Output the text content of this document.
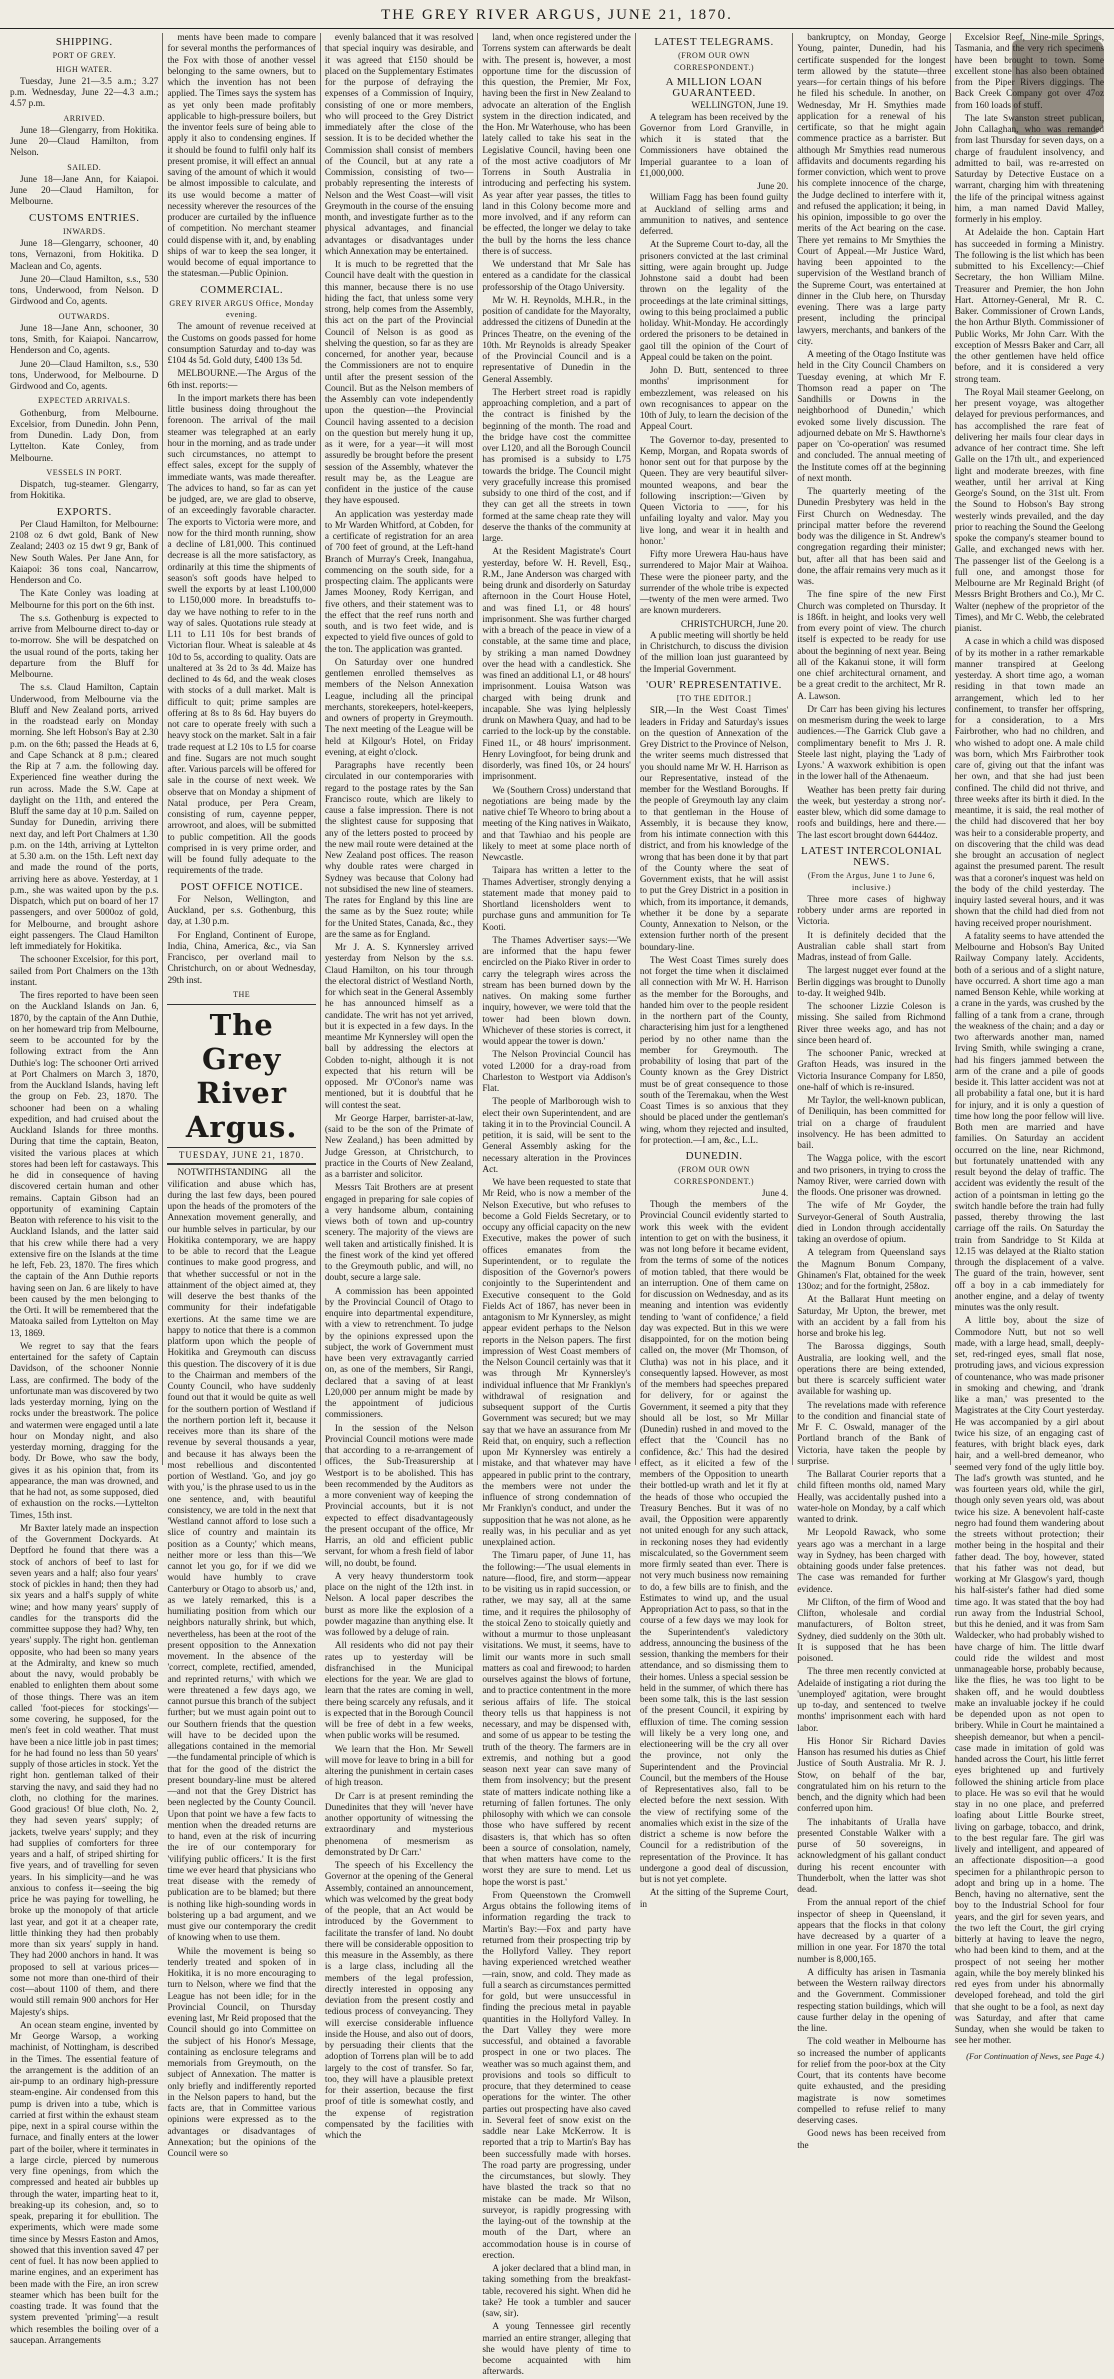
THE GREY RIVER ARGUS, JUNE 21, 1870.
SHIPPING.
PORT OF GREY.
HIGH WATER.
Tuesday, June 21—3.5 a.m.; 3.27 p.m. Wednesday, June 22—4.3 a.m.; 4.57 p.m.
ARRIVED.
June 18—Glengarry, from Hokitika. June 20—Claud Hamilton, from Nelson.
SAILED.
June 18—Jane Ann, for Kaiapoi. June 20—Claud Hamilton, for Melbourne.
CUSTOMS ENTRIES.
INWARDS.
June 18—Glengarry, schooner, 40 tons, Vernazoni, from Hokitika. D Maclean and Co, agents.
June 20—Claud Hamilton, s.s., 530 tons, Underwood, from Nelson. D Girdwood and Co, agents.
OUTWARDS.
June 18—Jane Ann, schooner, 30 tons, Smith, for Kaiapoi. Nancarrow, Henderson and Co, agents.
June 20—Claud Hamilton, s.s., 530 tons, Underwood, for Melbourne. D Girdwood and Co, agents.
EXPECTED ARRIVALS.
Gothenburg, from Melbourne. Excelsior, from Dunedin. John Penn, from Dunedin. Lady Don, from Lyttelton. Kate Conley, from Melbourne.
VESSELS IN PORT.
Dispatch, tug-steamer. Glengarry, from Hokitika.
EXPORTS.
Per Claud Hamilton, for Melbourne: 2108 oz 6 dwt gold, Bank of New Zealand; 2403 oz 15 dwt 9 gr, Bank of New South Wales. Per Jane Ann, for Kaiapoi: 36 tons coal, Nancarrow, Henderson and Co.
The Kate Conley was loading at Melbourne for this port on the 6th inst.
The s.s. Gothenburg is expected to arrive from Melbourne direct to-day or to-morrow. She will be despatched on the usual round of the ports, taking her departure from the Bluff for Melbourne.
The s.s. Claud Hamilton, Captain Underwood, from Melbourne via the Bluff and New Zealand ports, arrived in the roadstead early on Monday morning. She left Hobson's Bay at 2.30 p.m. on the 6th; passed the Heads at 6, and Cape Schanck at 8 p.m.; cleared the Rip at 7 a.m. the following day. Experienced fine weather during the run across. Made the S.W. Cape at daylight on the 11th, and entered the Bluff the same day at 10 p.m. Sailed on Sunday for Dunedin, arriving there next day, and left Port Chalmers at 1.30 p.m. on the 14th, arriving at Lyttelton at 5.30 a.m. on the 15th. Left next day and made the round of the ports, arriving here as above. Yesterday, at 1 p.m., she was waited upon by the p.s. Dispatch, which put on board of her 17 passengers, and over 5000oz of gold, for Melbourne, and brought ashore eight passengers. The Claud Hamilton left immediately for Hokitika.
The schooner Excelsior, for this port, sailed from Port Chalmers on the 13th instant.
The fires reported to have been seen on the Auckland Islands on Jan. 6, 1870, by the captain of the Ann Duthie, on her homeward trip from Melbourne, seem to be accounted for by the following extract from the Ann Duthie's log: The schooner Orti arrived at Port Chalmers on March 3, 1870, from the Auckland Islands, having left the group on Feb. 23, 1870. The schooner had been on a whaling expedition, and had cruised about the Auckland Islands for three months. During that time the captain, Beaton, visited the various places at which stores had been left for castaways. This he did in consequence of having discovered certain human and other remains. Captain Gibson had an opportunity of examining Captain Beaton with reference to his visit to the Auckland Islands, and the latter said that his crew while there had a very extensive fire on the Islands at the time he left, Feb. 23, 1870. The fires which the captain of the Ann Duthie reports having seen on Jan. 6 are likely to have been caused by the men belonging to the Orti. It will be remembered that the Matoaka sailed from Lyttelton on May 13, 1869.
We regret to say that the fears entertained for the safety of Captain Davidson, of the schooner Nonnie Lass, are confirmed. The body of the unfortunate man was discovered by two lads yesterday morning, lying on the rocks under the breastwork. The police and watermen were engaged until a late hour on Monday night, and also yesterday morning, dragging for the body. Dr Bowe, who saw the body, gives it as his opinion that, from its appearance, the man was drowned, and that he had not, as some supposed, died of exhaustion on the rocks.—Lyttelton Times, 15th inst.
Mr Baxter lately made an inspection of the Government Dockyards. At Deptford he found that there was a stock of anchors of beef to last for seven years and a half; also four years' stock of pickles in hand; then they had six years and a half's supply of white wine; and how many years' supply of candles for the transports did the committee suppose they had? Why, ten years' supply. The right hon. gentleman opposite, who had been so many years at the Admiralty, and knew so much about the navy, would probably be enabled to enlighten them about some of those things. There was an item called 'foot-pieces for stockings'—some covering, he supposed, for the men's feet in cold weather. That must have been a nice little job in past times; for he had found no less than 50 years' supply of those articles in stock. Yet the right hon. gentleman talked of their starving the navy, and said they had no cloth, no clothing for the marines. Good gracious! Of blue cloth, No. 2, they had seven years' supply; of jackets, twelve years' supply; and they had supplies of comforters for three years and a half, of striped shirting for five years, and of travelling for seven years. In his simplicity—and he was anxious to confess it—seeing the big price he was paying for towelling, he broke up the monopoly of that article last year, and got it at a cheaper rate, little thinking they had then probably more than six years' supply in hand. They had 2000 anchors in hand. It was proposed to sell at various prices—some not more than one-third of their cost—about 1100 of them, and there would still remain 900 anchors for Her Majesty's ships.
An ocean steam engine, invented by Mr George Warsop, a working machinist, of Nottingham, is described in the Times. The essential feature of the arrangement is the addition of an air-pump to an ordinary high-pressure steam-engine. Air condensed from this pump is driven into a tube, which is carried at first within the exhaust steam pipe, next in a spiral course within the furnace, and finally enters at the lower part of the boiler, where it terminates in a large circle, pierced by numerous very fine openings, from which the compressed and heated air bubbles up through the water, imparting heat to it, breaking-up its cohesion, and, so to speak, preparing it for ebullition. The experiments, which were made some time since by Messrs Easton and Amos, showed that this invention saved 47 per cent of fuel. It has now been applied to marine engines, and an experiment has been made with the Fire, an iron screw steamer which has been built for the coasting trade. It was found that the system prevented 'priming'—a result which resembles the boiling over of a saucepan. Arrangements
ments have been made to compare for several months the performances of the Fox with those of another vessel belonging to the same owners, but to which the invention has not been applied. The Times says the system has as yet only been made profitably applicable to high-pressure boilers, but the inventor feels sure of being able to apply it also to condensing engines. If it should be found to fulfil only half its present promise, it will effect an annual saving of the amount of which it would be almost impossible to calculate, and its use would become a matter of necessity wherever the resources of the producer are curtailed by the influence of competition. No merchant steamer could dispense with it, and, by enabling ships of war to keep the sea longer, it would become of equal importance to the statesman.—Public Opinion.
COMMERCIAL.
GREY RIVER ARGUS Office, Monday evening.
The amount of revenue received at the Customs on goods passed for home consumption Saturday and to-day was £104 4s 5d. Gold duty, £400 13s 5d.
MELBOURNE.—The Argus of the 6th inst. reports:—
In the import markets there has been little business doing throughout the forenoon. The arrival of the mail steamer was telegraphed at an early hour in the morning, and as trade under such circumstances, no attempt to effect sales, except for the supply of immediate wants, was made thereafter. The advices to hand, so far as can yet be judged, are, we are glad to observe, of an exceedingly favorable character. The exports to Victoria were more, and now for the third month running, show a decline of L81,000. This continued decrease is all the more satisfactory, as ordinarily at this time the shipments of season's soft goods have helped to swell the exports by at least L100,000 to L150,000 more. In breadstuffs to-day we have nothing to refer to in the way of sales. Quotations rule steady at L11 to L11 10s for best brands of Victorian flour. Wheat is saleable at 4s 10d to 5s, according to quality. Oats are unaltered at 3s 2d to 3s 4d. Maize has declined to 4s 6d, and the weak closes with stocks of a dull market. Malt is difficult to quit; prime samples are offering at 8s to 8s 6d. Hay buyers do not care to operate freely with such a heavy stock on the market. Salt in a fair trade request at L2 10s to L5 for coarse and fine. Sugars are not much sought after. Various parcels will be offered for sale in the course of next week. We observe that on Monday a shipment of Natal produce, per Pera Cream, consisting of rum, cayenne pepper, arrowroot, and aloes, will be submitted to public competition. All the goods comprised in is very prime order, and will be found fully adequate to the requirements of the trade.
POST OFFICE NOTICE.
For Nelson, Wellington, and Auckland, per s.s. Gothenburg, this day, at 1.30 p.m.
For England, Continent of Europe, India, China, America, &c., via San Francisco, per overland mail to Christchurch, on or about Wednesday, 29th inst.
THE
The Grey River Argus.
TUESDAY, JUNE 21, 1870.
NOTWITHSTANDING all the vilification and abuse which has, during the last few days, been poured upon the heads of the promoters of the Annexation movement generally, and our humble selves in particular, by our Hokitika contemporary, we are happy to be able to record that the League continues to make good progress, and that whether successful or not in the attainment of the object aimed at, they will deserve the best thanks of the community for their indefatigable exertions. At the same time we are happy to notice that there is a common platform upon which the people of Hokitika and Greymouth can discuss this question. The discovery of it is due to the Chairman and members of the County Council, who have suddenly found out that it would be quite as well for the southern portion of Westland if the northern portion left it, because it receives more than its share of the revenue by several thousands a year, and because it has always been the most rebellious and discontented portion of Westland. 'Go, and joy go with you,' is the phrase used to us in the one sentence, and, with beautiful consistency, we are told in the next that 'Westland cannot afford to lose such a slice of country and maintain its position as a County;' which means, neither more or less than this—'We cannot let you go, for if we did we would have humbly to crave Canterbury or Otago to absorb us,' and, as we lately remarked, this is a humiliating position from which our neighbors naturally shrink, but which, nevertheless, has been at the root of the present opposition to the Annexation movement. In the absence of the 'correct, complete, rectified, amended, and reprinted returns,' with which we were threatened a few days ago, we cannot pursue this branch of the subject further; but we must again point out to our Southern friends that the question will have to be decided upon the allegations contained in the memorial—the fundamental principle of which is that for the good of the district the present boundary-line must be altered—and not that the Grey District has been neglected by the County Council. Upon that point we have a few facts to mention when the dreaded returns are to hand, even at the risk of incurring the ire of our contemporary for 'vilifying public officers.' It is the first time we ever heard that physicians who treat disease with the remedy of publication are to be blamed; but there is nothing like high-sounding words in bolstering up a bad argument, and we must give our contemporary the credit of knowing when to use them.
While the movement is being so tenderly treated and spoken of in Hokitika, it is no more encouraging to turn to Nelson, where we find that the League has not been idle; for in the Provincial Council, on Thursday evening last, Mr Reid proposed that the Council should go into Committee on the subject of his Honor's Message, containing as enclosure telegrams and memorials from Greymouth, on the subject of Annexation. The matter is only briefly and indifferently reported in the Nelson papers to hand, but the facts are, that in Committee various opinions were expressed as to the advantages or disadvantages of Annexation; but the opinions of the Council were so
evenly balanced that it was resolved that special inquiry was desirable, and it was agreed that £150 should be placed on the Supplementary Estimates for the purpose of defraying the expenses of a Commission of Inquiry, consisting of one or more members, who will proceed to the Grey District immediately after the close of the session. It is to be decided whether the Commission shall consist of members of the Council, but at any rate a Commission, consisting of two—probably representing the interests of Nelson and the West Coast—will visit Greymouth in the course of the ensuing month, and investigate further as to the physical advantages, and financial advantages or disadvantages under which Annexation may be entertained.
It is much to be regretted that the Council have dealt with the question in this manner, because there is no use hiding the fact, that unless some very strong, help comes from the Assembly, this act on the part of the Provincial Council of Nelson is as good as shelving the question, so far as they are concerned, for another year, because the Commissioners are not to enquire until after the present session of the Council. But as the Nelson members of the Assembly can vote independently upon the question—the Provincial Council having assented to a decision on the question but merely hung it up, as it were, for a year—it will most assuredly be brought before the present session of the Assembly, whatever the result may be, as the League are confident in the justice of the cause they have espoused.
An application was yesterday made to Mr Warden Whitford, at Cobden, for a certificate of registration for an area of 700 feet of ground, at the Left-hand Branch of Murray's Creek, Inangahua, commencing on the south side, for a prospecting claim. The applicants were James Mooney, Rody Kerrigan, and five others, and their statement was to the effect that the reef runs north and south, and is two feet wide, and is expected to yield five ounces of gold to the ton. The application was granted.
On Saturday over one hundred gentlemen enrolled themselves as members of the Nelson Annexation League, including all the principal merchants, storekeepers, hotel-keepers, and owners of property in Greymouth. The next meeting of the League will be held at Kilgour's Hotel, on Friday evening, at eight o'clock.
Paragraphs have recently been circulated in our contemporaries with regard to the postage rates by the San Francisco route, which are likely to cause a false impression. There is not the slightest cause for supposing that any of the letters posted to proceed by the new mail route were detained at the New Zealand post offices. The reason why double rates were charged in Sydney was because that Colony had not subsidised the new line of steamers. The rates for England by this line are the same as by the Suez route; while for the United States, Canada, &c., they are the same as for England.
Mr J. A. S. Kynnersley arrived yesterday from Nelson by the s.s. Claud Hamilton, on his tour through the electoral district of Westland North, for which seat in the General Assembly he has announced himself as a candidate. The writ has not yet arrived, but it is expected in a few days. In the meantime Mr Kynnersley will open the ball by addressing the electors at Cobden to-night, although it is not expected that his return will be opposed. Mr O'Conor's name was mentioned, but it is doubtful that he will contest the seat.
Mr George Harper, barrister-at-law, (said to be the son of the Primate of New Zealand,) has been admitted by Judge Gresson, at Christchurch, to practice in the Courts of New Zealand, as a barrister and solicitor.
Messrs Tait Brothers are at present engaged in preparing for sale copies of a very handsome album, containing views both of town and up-country scenery. The majority of the views are well taken and artistically finished. It is the finest work of the kind yet offered to the Greymouth public, and will, no doubt, secure a large sale.
A commission has been appointed by the Provincial Council of Otago to enquire into departmental expenditure, with a view to retrenchment. To judge by the opinions expressed upon the subject, the work of Government must have been very extravagantly carried on, as one of the members, Sir Rangi, declared that a saving of at least L20,000 per annum might be made by the appointment of judicious commissioners.
In the session of the Nelson Provincial Council motions were made that according to a re-arrangement of offices, the Sub-Treasurership at Westport is to be abolished. This has been recommended by the Auditors as a more convenient way of keeping the Provincial accounts, but it is not expected to effect disadvantageously the present occupant of the office, Mr Harris, an old and efficient public servant, for whom a fresh field of labor will, no doubt, be found.
A very heavy thunderstorm took place on the night of the 12th inst. in Nelson. A local paper describes the burst as more like the explosion of a powder magazine than anything else. It was followed by a deluge of rain.
All residents who did not pay their rates up to yesterday will be disfranchised in the Municipal elections for the year. We are glad to learn that the rates are coming in well, there being scarcely any refusals, and it is expected that in the Borough Council will be free of debt in a few weeks, when public works will be resumed.
We learn that the Hon. Mr Sewell will move for leave to bring in a bill for altering the punishment in certain cases of high treason.
Dr Carr is at present reminding the Dunedinites that they will 'never have another opportunity of witnessing the extraordinary and mysterious phenomena of mesmerism as demonstrated by Dr Carr.'
The speech of his Excellency the Governor at the opening of the General Assembly, contained an announcement, which was welcomed by the great body of the people, that an Act would be introduced by the Government to facilitate the transfer of land. No doubt there will be considerable opposition to this measure in the Assembly, as there is a large class, including all the members of the legal profession, directly interested in opposing any deviation from the present costly and tedious process of conveyancing. They will exercise considerable influence inside the House, and also out of doors, by persuading their clients that the adoption of Torrens plan will be to add largely to the cost of transfer. So far, too, they will have a plausible pretext for their assertion, because the first proof of title is somewhat costly, and the expense of registration compensated by the facilities with which the
land, when once registered under the Torrens system can afterwards be dealt with. The present is, however, a most opportune time for the discussion of this question, the Premier, Mr Fox, having been the first in New Zealand to advocate an alteration of the English system in the direction indicated, and the Hon. Mr Waterhouse, who has been lately called to take his seat in the Legislative Council, having been one of the most active coadjutors of Mr Torrens in South Australia in introducing and perfecting his system. As year after year passes, the titles to land in this Colony become more and more involved, and if any reform can be effected, the longer we delay to take the bull by the horns the less chance there is of success.
We understand that Mr Sale has entered as a candidate for the classical professorship of the Otago University.
Mr W. H. Reynolds, M.H.R., in the position of candidate for the Mayoralty, addressed the citizens of Dunedin at the Princes Theatre, on the evening of the 10th. Mr Reynolds is already Speaker of the Provincial Council and is a representative of Dunedin in the General Assembly.
The Herbert street road is rapidly approaching completion, and a part of the contract is finished by the beginning of the month. The road and the bridge have cost the committee over L120, and all the Borough Council has promised is a subsidy to L75 towards the bridge. The Council might very gracefully increase this promised subsidy to one third of the cost, and if they can get all the streets in town formed at the same cheap rate they will deserve the thanks of the community at large.
At the Resident Magistrate's Court yesterday, before W. H. Revell, Esq., R.M., Jane Anderson was charged with being drunk and disorderly on Saturday afternoon in the Court House Hotel, and was fined L1, or 48 hours' imprisonment. She was further charged with a breach of the peace in view of a constable, at the same time and place, by striking a man named Dowdney over the head with a candlestick. She was fined an additional L1, or 48 hours' imprisonment. Louisa Watson was charged with being drunk and incapable. She was lying helplessly drunk on Mawhera Quay, and had to be carried to the lock-up by the constable. Fined 1L, or 48 hours' imprisonment. Henry Lovingfoot, for being drunk and disorderly, was fined 10s, or 24 hours' imprisonment.
We (Southern Cross) understand that negotiations are being made by the native chief Te Wheoro to bring about a meeting of the King natives in Waikato, and that Tawhiao and his people are likely to meet at some place north of Newcastle.
Taipara has written a letter to the Thames Advertiser, strongly denying a statement made that money paid to Shortland licensholders went to purchase guns and ammunition for Te Kooti.
The Thames Advertiser says:—'We are informed that the hapu fewer encircled on the Piako River in order to carry the telegraph wires across the stream has been burned down by the natives. On making some further inquiry, however, we were told that the tower had been blown down. Whichever of these stories is correct, it would appear the tower is down.'
The Nelson Provincial Council has voted L2000 for a dray-road from Charleston to Westport via Addison's Flat.
The people of Marlborough wish to elect their own Superintendent, and are taking it in to the Provincial Council. A petition, it is said, will be sent to the General Assembly asking for the necessary alteration in the Provinces Act.
We have been requested to state that Mr Reid, who is now a member of the Nelson Executive, but who refuses to become a Gold Fields Secretary, or to occupy any official capacity on the new Executive, makes the power of such offices emanates from the Superintendent, or to regulate the disposition of the Governor's powers conjointly to the Superintendent and Executive consequent to the Gold Fields Act of 1867, has never been in antagonism to Mr Kynnersley, as might appear evident perhaps to the Nelson reports in the Nelson papers. The first impression of West Coast members of the Nelson Council certainly was that it was through Mr Kynnersley's individual influence that Mr Franklyn's withdrawal of resignation and subsequent support of the Curtis Government was secured; but we may say that we have an assurance from Mr Reid that, on enquiry, such a reflection upon Mr Kynnersley was entirely a mistake, and that whatever may have appeared in public print to the contrary, the members were not under the influence of strong condemnation of Mr Franklyn's conduct, and under the supposition that he was not alone, as he really was, in his peculiar and as yet unexplained action.
The Timaru paper, of June 11, has the following:—'The usual elements in nature—flood, fire, and storm—appear to be visiting us in rapid succession, or rather, we may say, all at the same time, and it requires the philosophy of the stoical Zeno to stoically quietly and without a murmur to those unpleasant visitations. We must, it seems, have to limit our wants more in such small matters as coal and firewood; to harden ourselves against the blows of fortune, and to practice contentment in the more serious affairs of life. The stoical theory tells us that happiness is not necessary, and may be dispensed with, and some of us appear to be testing the truth of the theory. The farmers are in extremis, and nothing but a good season next year can save many of them from insolvency; but the present state of matters indicate nothing like a returning of fallen fortunes. The only philosophy with which we can console those who have suffered by recent disasters is, that which has so often been a source of consolation, namely, that when matters have come to the worst they are sure to mend. Let us hope the worst is past.'
From Queenstown the Cromwell Argus obtains the following items of information regarding the track to Martin's Bay:—Fox and party have returned from their prospecting trip by the Hollyford Valley. They report having experienced wretched weather—rain, snow, and cold. They made as full a search as circumstances permitted for gold, but were unsuccessful in finding the precious metal in payable quantities in the Hollyford Valley. In the Dart Valley they were more successful, and obtained a favorable prospect in one or two places. The weather was so much against them, and provisions and tools so difficult to procure, that they determined to cease operations for the winter. The other parties out prospecting have also caved in. Several feet of snow exist on the saddle near Lake McKerrow. It is reported that a trip to Martin's Bay has been successfully made with horses. The road party are progressing, under the circumstances, but slowly. They have blasted the track so that no mistake can be made. Mr Wilson, surveyor, is rapidly progressing with the laying-out of the township at the mouth of the Dart, where an accommodation house is in course of erection.
A joker declared that a blind man, in taking something from the breakfast-table, recovered his sight. When did he take? He took a tumbler and saucer (saw, sir).
A young Tennessee girl recently married an entire stranger, alleging that she would have plenty of time to become acquainted with him afterwards.
LATEST TELEGRAMS.
(FROM OUR OWN CORRESPONDENT.)
A MILLION LOAN GUARANTEED.
WELLINGTON, June 19.
A telegram has been received by the Governor from Lord Granville, in which it is stated that the Commissioners have obtained the Imperial guarantee to a loan of £1,000,000.
June 20.
William Fagg has been found guilty at Auckland of selling arms and ammunition to natives, and sentence deferred.
At the Supreme Court to-day, all the prisoners convicted at the last criminal sitting, were again brought up. Judge Johnstone said a doubt had been thrown on the legality of the proceedings at the late criminal sittings, owing to this being proclaimed a public holiday. Whit-Monday. He accordingly ordered the prisoners to be detained in gaol till the opinion of the Court of Appeal could be taken on the point.
John D. Butt, sentenced to three months' imprisonment for embezzlement, was released on his own recognisances to appear on the 10th of July, to learn the decision of the Appeal Court.
The Governor to-day, presented to Kemp, Morgan, and Ropata swords of honor sent out for that purpose by the Queen. They are very beautiful silver-mounted weapons, and bear the following inscription:—'Given by Queen Victoria to ——, for his unfailing loyalty and valor. May you live long, and wear it in health and honor.'
Fifty more Urewera Hau-haus have surrendered to Major Mair at Waihoa. These were the pioneer party, and the surrender of the whole tribe is expected—twenty of the men were armed. Two are known murderers.
CHRISTCHURCH, June 20.
A public meeting will shortly be held in Christchurch, to discuss the division of the million loan just guaranteed by the Imperial Government.
'OUR' REPRESENTATIVE.
[TO THE EDITOR.]
SIR,—In the West Coast Times' leaders in Friday and Saturday's issues on the question of Annexation of the Grey District to the Province of Nelson, the writer seems much distressed that you should name Mr W. H. Harrison as our Representative, instead of the member for the Westland Boroughs. If the people of Greymouth lay any claim to that gentleman in the House of Assembly, it is because they know, from his intimate connection with this district, and from his knowledge of the wrong that has been done it by that part of the County where the seat of Government exists, that he will assist to put the Grey District in a position in which, from its importance, it demands, whether it be done by a separate County, Annexation to Nelson, or the extension further north of the present boundary-line.
The West Coast Times surely does not forget the time when it disclaimed all connection with Mr W. H. Harrison as the member for the Boroughs, and handed him over to the people resident in the northern part of the County, characterising him just for a lengthened period by no other name than the member for Greymouth. The probability of losing that part of the County known as the Grey District must be of great consequence to those south of the Teremakau, when the West Coast Times is so anxious that they should be placed under the gentleman's wing, whom they rejected and insulted, for protection.—I am, &c., L.L.
DUNEDIN.
(FROM OUR OWN CORRESPONDENT.)
June 4.
Though the members of the Provincial Council evidently started to work this week with the evident intention to get on with the business, it was not long before it became evident, from the terms of some of the notices of motion tabled, that there would be an interruption. One of them came on for discussion on Wednesday, and as its meaning and intention was evidently tending to 'want of confidence,' a field day was expected. But in this we were disappointed, for on the motion being called on, the mover (Mr Thomson, of Clutha) was not in his place, and it consequently lapsed. However, as most of the members had speeches prepared for delivery, for or against the Government, it seemed a pity that they should all be lost, so Mr Millar (Dunedin) rushed in and moved to the effect that the 'Council has no confidence, &c.' This had the desired effect, as it elicited a few of the members of the Opposition to unearth their bottled-up wrath and let it fly at the heads of those who occupied the Treasury Benches. But it was of no avail, the Opposition were apparently not united enough for any such attack, in reckoning noses they had evidently miscalculated, so the Government seem more firmly seated than ever. There is not very much business now remaining to do, a few bills are to finish, and the Estimates to wind up, and the usual Appropriation Act to pass, so that in the course of a few days we may look for the Superintendent's valedictory address, announcing the business of the session, thanking the members for their attendance, and so dismissing them to their homes. Unless a special session be held in the summer, of which there has been some talk, this is the last session of the present Council, it expiring by effluxion of time. The coming session will likely be a very long one, and electioneering will be the cry all over the province, not only the Superintendent and the Provincial Council, but the members of the House of Representatives also, fall to be elected before the next session. With the view of rectifying some of the anomalies which exist in the size of the district a scheme is now before the Council for a redistribution of the representation of the Province. It has undergone a good deal of discussion, but is not yet complete.
At the sitting of the Supreme Court, in
bankruptcy, on Monday, George Young, painter, Dunedin, had his certificate suspended for the longest term allowed by the statute—three years—for certain things of his before he filed his schedule. In another, on Wednesday, Mr H. Smythies made application for a renewal of his certificate, so that he might again commence practice as a barrister. But although Mr Smythies read numerous affidavits and documents regarding his former conviction, which went to prove his complete innocence of the charge, the Judge declined to interfere with it, and refused the application; it being, in his opinion, impossible to go over the merits of the Act bearing on the case. There yet remains to Mr Smythies the Court of Appeal.—Mr Justice Ward, having been appointed to the supervision of the Westland branch of the Supreme Court, was entertained at dinner in the Club here, on Thursday evening. There was a large party present, including the principal lawyers, merchants, and bankers of the city.
A meeting of the Otago Institute was held in the City Council Chambers on Tuesday evening, at which Mr F. Thomson read a paper on 'The Sandhills or Downs in the neighborhood of Dunedin,' which evoked some lively discussion. The adjourned debate on Mr S. Hawthorne's paper on 'Co-operation' was resumed and concluded. The annual meeting of the Institute comes off at the beginning of next month.
The quarterly meeting of the Dunedin Presbytery was held in the First Church on Wednesday. The principal matter before the reverend body was the diligence in St. Andrew's congregation regarding their minister; but, after all that has been said and done, the affair remains very much as it was.
The fine spire of the new First Church was completed on Thursday. It is 186ft. in height, and looks very well from every point of view. The church itself is expected to be ready for use about the beginning of next year. Being all of the Kakanui stone, it will form one chief architectural ornament, and be a great credit to the architect, Mr R. A. Lawson.
Dr Carr has been giving his lectures on mesmerism during the week to large audiences.—The Garrick Club gave a complimentary benefit to Mrs J. R. Steele last night, playing the 'Lady of Lyons.' A waxwork exhibition is open in the lower hall of the Athenaeum.
Weather has been pretty fair during the week, but yesterday a strong nor'-easter blew, which did some damage to roofs and buildings, here and there.—The last escort brought down 6444oz.
LATEST INTERCOLONIAL NEWS.
(From the Argus, June 1 to June 6, inclusive.)
Three more cases of highway robbery under arms are reported in Victoria.
It is definitely decided that the Australian cable shall start from Madras, instead of from Galle.
The largest nugget ever found at the Berlin diggings was brought to Dunolly to-day. It weighed 94lb.
The schooner Lizzie Coleson is missing. She sailed from Richmond River three weeks ago, and has not since been heard of.
The schooner Panic, wrecked at Grafton Heads, was insured in the Victoria Insurance Company for L850, one-half of which is re-insured.
Mr Taylor, the well-known publican, of Deniliquin, has been committed for trial on a charge of fraudulent insolvency. He has been admitted to bail.
The Wagga police, with the escort and two prisoners, in trying to cross the Namoy River, were carried down with the floods. One prisoner was drowned.
The wife of Mr Goyder, the Surveyor-General of South Australia, died in London through accidentally taking an overdose of opium.
A telegram from Queensland says the Magnum Bonum Company, Ghinamen's Flat, obtained for the week 130oz; and for the fortnight, 258oz.
At the Ballarat Hunt meeting on Saturday, Mr Upton, the brewer, met with an accident by a fall from his horse and broke his leg.
The Barossa diggings, South Australia, are looking well, and the operations there are being extended, but there is scarcely sufficient water available for washing up.
The revelations made with reference to the condition and financial state of Mr F. C. Oswald, manager of the Portland branch of the Bank of Victoria, have taken the people by surprise.
The Ballarat Courier reports that a child fifteen months old, named Mary Heally, was accidentally pushed into a water-hole on Monday, by a calf which wanted to drink.
Mr Leopold Rawack, who some years ago was a merchant in a large way in Sydney, has been charged with obtaining goods under false pretences. The case was remanded for further evidence.
Mr Clifton, of the firm of Wood and Clifton, wholesale and cordial manufacturers, of Bolton street, Sydney, died suddenly on the 30th ult. It is supposed that he has been poisoned.
The three men recently convicted at Adelaide of instigating a riot during the 'unemployed' agitation, were brought up to-day, and sentenced to twelve months' imprisonment each with hard labor.
His Honor Sir Richard Davies Hanson has resumed his duties as Chief Justice of South Australia. Mr R. J. Stow, on behalf of the bar, congratulated him on his return to the bench, and the dignity which had been conferred upon him.
The inhabitants of Uralla have presented Constable Walker with a purse of 50 sovereigns, in acknowledgment of his gallant conduct during his recent encounter with Thunderbolt, when the latter was shot dead.
From the annual report of the chief inspector of sheep in Queensland, it appears that the flocks in that colony have decreased by a quarter of a million in one year. For 1870 the total number is 8,000,165.
A difficulty has arisen in Tasmania between the Western railway directors and the Government. Commissioner respecting station buildings, which will cause further delay in the opening of the line.
The cold weather in Melbourne has so increased the number of applicants for relief from the poor-box at the City Court, that its contents have become quite exhausted, and the presiding magistrate is now sometimes compelled to refuse relief to many deserving cases.
Good news has been received from the
Excelsior Reef, Nine-mile Springs, Tasmania, and the very rich specimens have been brought to town. Some excellent stone has also been obtained from the Piper Rivers diggings. The Back Creek Company got over 47oz from 160 loads of stuff.
The late Swanston street publican, John Callaghan, who was remanded from last Thursday for seven days, on a charge of fraudulent insolvency, and admitted to bail, was re-arrested on Saturday by Detective Eustace on a warrant, charging him with threatening the life of the principal witness against him, a man named David Malley, formerly in his employ.
At Adelaide the hon. Captain Hart has succeeded in forming a Ministry. The following is the list which has been submitted to his Excellency:—Chief Secretary, the hon William Milne. Treasurer and Premier, the hon John Hart. Attorney-General, Mr R. C. Baker. Commissioner of Crown Lands, the hon Arthur Blyth. Commissioner of Public Works, Mr John Carr. With the exception of Messrs Baker and Carr, all the other gentlemen have held office before, and it is considered a very strong team.
The Royal Mail steamer Geelong, on her present voyage, was altogether delayed for previous performances, and has accomplished the rare feat of delivering her mails four clear days in advance of her contract time. She left Galle on the 17th ult., and experienced light and moderate breezes, with fine weather, until her arrival at King George's Sound, on the 31st ult. From the Sound to Hobson's Bay strong westerly winds prevailed, and the day prior to reaching the Sound the Geelong spoke the company's steamer bound to Galle, and exchanged news with her. The passenger list of the Geelong is a full one, and amongst those for Melbourne are Mr Reginald Bright (of Messrs Bright Brothers and Co.), Mr C. Walter (nephew of the proprietor of the Times), and Mr C. Webb, the celebrated pianist.
A case in which a child was disposed of by its mother in a rather remarkable manner transpired at Geelong yesterday. A short time ago, a woman residing in that town made an arrangement, which led to her confinement, to transfer her offspring, for a consideration, to a Mrs Fairbrother, who had no children, and who wished to adopt one. A male child was born, which Mrs Fairbrother took care of, giving out that the infant was her own, and that she had just been confined. The child did not thrive, and three weeks after its birth it died. In the meantime, it is said, the real mother of the child had discovered that her boy was heir to a considerable property, and on discovering that the child was dead she brought an accusation of neglect against the presumed parent. The result was that a coroner's inquest was held on the body of the child yesterday. The inquiry lasted several hours, and it was shown that the child had died from not having received proper nourishment.
A fatality seems to have attended the Melbourne and Hobson's Bay United Railway Company lately. Accidents, both of a serious and of a slight nature, have occurred. A short time ago a man named Benson Kehle, while working at a crane in the yards, was crushed by the falling of a tank from a crane, through the weakness of the chain; and a day or two afterwards another man, named Irving Smith, while swinging a crane, had his fingers jammed between the arm of the crane and a pile of goods beside it. This latter accident was not at all probability a fatal one, but it is hard for injury, and it is only a question of time how long the poor fellow will live. Both men are married and have families. On Saturday an accident occurred on the line, near Richmond, but fortunately unattended with any result beyond the delay of traffic. The accident was evidently the result of the action of a pointsman in letting go the switch handle before the train had fully passed, thereby throwing the last carriage off the rails. On Saturday the train from Sandridge to St Kilda at 12.15 was delayed at the Rialto station through the displacement of a valve. The guard of the train, however, sent off a boy in a cab immediately for another engine, and a delay of twenty minutes was the only result.
A little boy, about the size of Commodore Nutt, but not so well made, with a large head, small, deeply-set, red-ringed eyes, small flat nose, protruding jaws, and vicious expression of countenance, who was made prisoner in smoking and chewing, and 'drank like a man,' was presented to the Magistrates at the City Court yesterday. He was accompanied by a girl about twice his size, of an engaging cast of features, with bright black eyes, dark hair, and a well-bred demeanor, who seemed very fond of the ugly little boy. The lad's growth was stunted, and he was fourteen years old, while the girl, though only seven years old, was about twice his size. A benevolent half-caste negro had found them wandering about the streets without protection; their mother being in the hospital and their father dead. The boy, however, stated that his father was not dead, but working at Mr Glasgow's yard, though his half-sister's father had died some time ago. It was stated that the boy had run away from the Industrial School, but this he denied, and it was from Sam Waldecker, who had probably wished to have charge of him. The little dwarf could ride the wildest and most unmanageable horse, probably because, like the flies, he was too light to be shaken off, and he would doubtless make an invaluable jockey if he could be depended upon as not open to bribery. While in Court he maintained a sheepish demeanor, but when a pencil-case made in imitation of gold was handed across the Court, his little ferret eyes brightened up and furtively followed the shining article from place to place. He was so evil that he would stay in no one place, and preferred loafing about Little Bourke street, living on garbage, tobacco, and drink, to the best regular fare. The girl was lively and intelligent, and appeared of an affectionate disposition—a good specimen for a philanthropic person to adopt and bring up in a home. The Bench, having no alternative, sent the boy to the Industrial School for four years, and the girl for seven years, and the two left the Court, the girl crying bitterly at having to leave the negro, who had been kind to them, and at the prospect of not seeing her mother again, while the boy merely blinked his red eyes from under his abnormally developed forehead, and told the girl that she ought to be a fool, as next day was Saturday, and after that came Sunday, when she would be taken to see her mother.
(For Continuation of News, see Page 4.)
